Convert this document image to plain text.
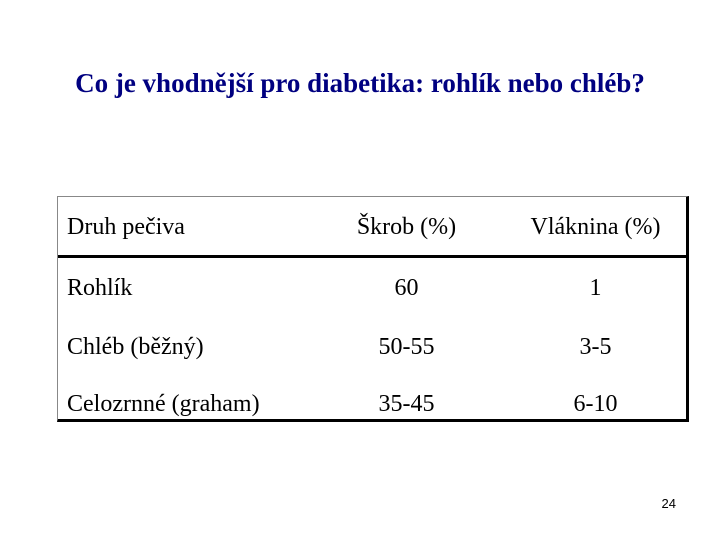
Co je vhodnější pro diabetika: rohlík nebo chléb?
Druh pečiva	Škrob (%)	Vláknina (%)
Rohlík	60	1
Chléb (běžný)	50-55	3-5
Celozrnné (graham)	35-45	6-10
24
